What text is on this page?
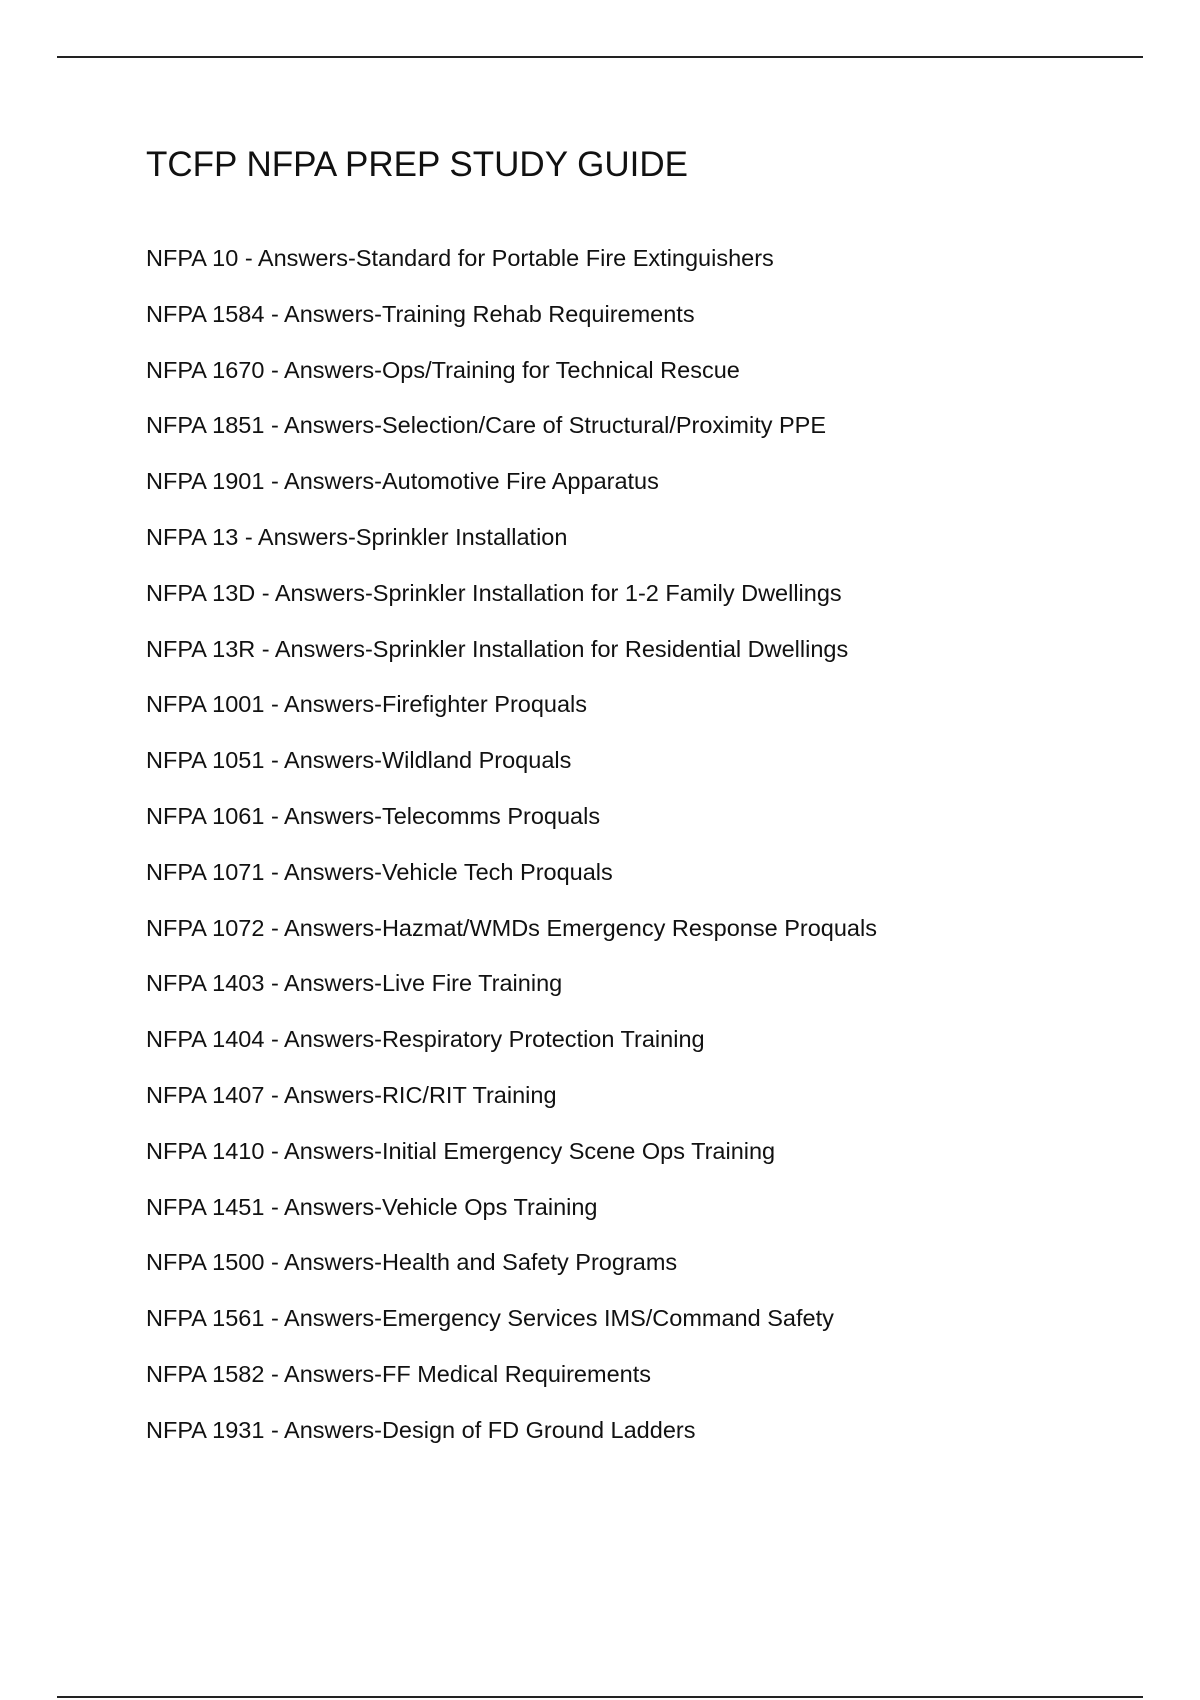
TCFP NFPA PREP STUDY GUIDE
NFPA 10 - Answers-Standard for Portable Fire Extinguishers
NFPA 1584 - Answers-Training Rehab Requirements
NFPA 1670 - Answers-Ops/Training for Technical Rescue
NFPA 1851 - Answers-Selection/Care of Structural/Proximity PPE
NFPA 1901 - Answers-Automotive Fire Apparatus
NFPA 13 - Answers-Sprinkler Installation
NFPA 13D - Answers-Sprinkler Installation for 1-2 Family Dwellings
NFPA 13R - Answers-Sprinkler Installation for Residential Dwellings
NFPA 1001 - Answers-Firefighter Proquals
NFPA 1051 - Answers-Wildland Proquals
NFPA 1061 - Answers-Telecomms Proquals
NFPA 1071 - Answers-Vehicle Tech Proquals
NFPA 1072 - Answers-Hazmat/WMDs Emergency Response Proquals
NFPA 1403 - Answers-Live Fire Training
NFPA 1404 - Answers-Respiratory Protection Training
NFPA 1407 - Answers-RIC/RIT Training
NFPA 1410 - Answers-Initial Emergency Scene Ops Training
NFPA 1451 - Answers-Vehicle Ops Training
NFPA 1500 - Answers-Health and Safety Programs
NFPA 1561 - Answers-Emergency Services IMS/Command Safety
NFPA 1582 - Answers-FF Medical Requirements
NFPA 1931 - Answers-Design of FD Ground Ladders
